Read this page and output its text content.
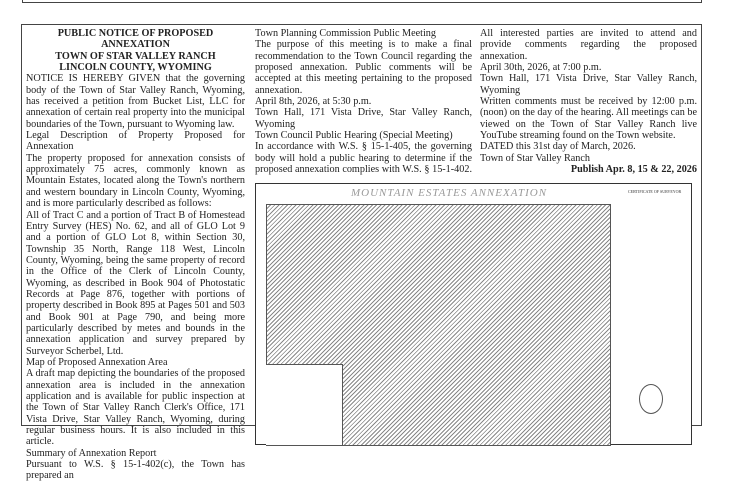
PUBLIC NOTICE OF PROPOSED ANNEXATION

TOWN OF STAR VALLEY RANCH

LINCOLN COUNTY, WYOMING

NOTICE IS HEREBY GIVEN that the governing body of the Town of Star Valley Ranch, Wyoming, has received a petition from Bucket List, LLC for annexation of certain real property into the municipal boundaries of the Town, pursuant to Wyoming law.

Legal Description of Property Proposed for Annexation

The property proposed for annexation consists of approximately 75 acres, commonly known as Mountain Estates, located along the Town's northern and western boundary in Lincoln County, Wyoming, and is more particularly described as follows:

All of Tract C and a portion of Tract B of Homestead Entry Survey (HES) No. 62, and all of GLO Lot 9 and a portion of GLO Lot 8, within Section 30, Township 35 North, Range 118 West, Lincoln County, Wyoming, being the same property of record in the Office of the Clerk of Lincoln County, Wyoming, as described in Book 904 of Photostatic Records at Page 876, together with portions of property described in Book 895 at Pages 501 and 503 and Book 901 at Page 790, and being more particularly described by metes and bounds in the annexation application and survey prepared by Surveyor Scherbel, Ltd.

Map of Proposed Annexation Area

A draft map depicting the boundaries of the proposed annexation area is included in the annexation application and is available for public inspection at the Town of Star Valley Ranch Clerk's Office, 171 Vista Drive, Star Valley Ranch, Wyoming, during regular business hours. It is also included in this article.

Summary of Annexation Report

Pursuant to W.S. § 15-1-402(c), the Town has prepared an

Town Planning Commission Public Meeting

The purpose of this meeting is to make a final recommendation to the Town Council regarding the proposed annexation. Public comments will be accepted at this meeting pertaining to the proposed annexation.

April 8th, 2026, at 5:30 p.m.

Town Hall, 171 Vista Drive, Star Valley Ranch, Wyoming

Town Council Public Hearing (Special Meeting)

In accordance with W.S. § 15-1-405, the governing body will hold a public hearing to determine if the proposed annexation complies with W.S. § 15-1-402. All interested parties are invited to attend and provide comments regarding the proposed annexation.

April 30th, 2026, at 7:00 p.m.

Town Hall, 171 Vista Drive, Star Valley Ranch, Wyoming

Written comments must be received by 12:00 p.m. (noon) on the day of the hearing. All meetings can be viewed on the Town of Star Valley Ranch live YouTube streaming found on the Town website.

DATED this 31st day of March, 2026.

Town of Star Valley Ranch

Publish Apr. 8, 15 & 22, 2026

MOUNTAIN ESTATES ANNEXATION	CERTIFICATE OF SURVEYOR
